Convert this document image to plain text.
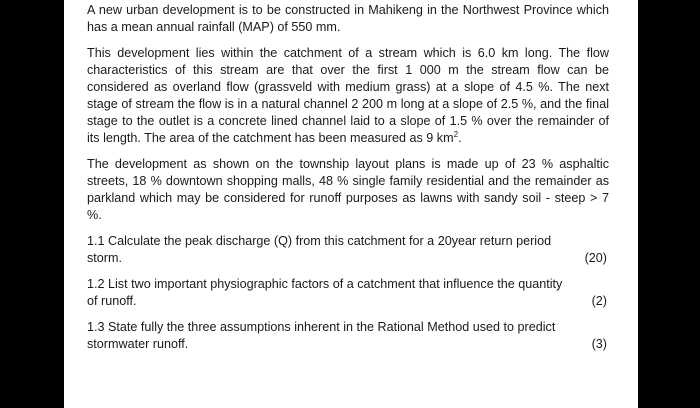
A new urban development is to be constructed in Mahikeng in the Northwest Province which has a mean annual rainfall (MAP) of 550 mm.

This development lies within the catchment of a stream which is 6.0 km long. The flow characteristics of this stream are that over the first 1 000 m the stream flow can be considered as overland flow (grassveld with medium grass) at a slope of 4.5 %. The next stage of stream the flow is in a natural channel 2 200 m long at a slope of 2.5 %, and the final stage to the outlet is a concrete lined channel laid to a slope of 1.5 % over the remainder of its length. The area of the catchment has been measured as 9 $km^2$.

The development as shown on the township layout plans is made up of 23 % asphaltic streets, 18 % downtown shopping malls, 48 % single family residential and the remainder as parkland which may be considered for runoff purposes as lawns with sandy soil - steep > 7 %.

1.1 Calculate the peak discharge (Q) from this catchment for a 20year return period
storm.	(20)
1.2 List two important physiographic factors of a catchment that influence the quantity
of runoff.	(2)
1.3 State fully the three assumptions inherent in the Rational Method used to predict
stormwater runoff.	(3)
